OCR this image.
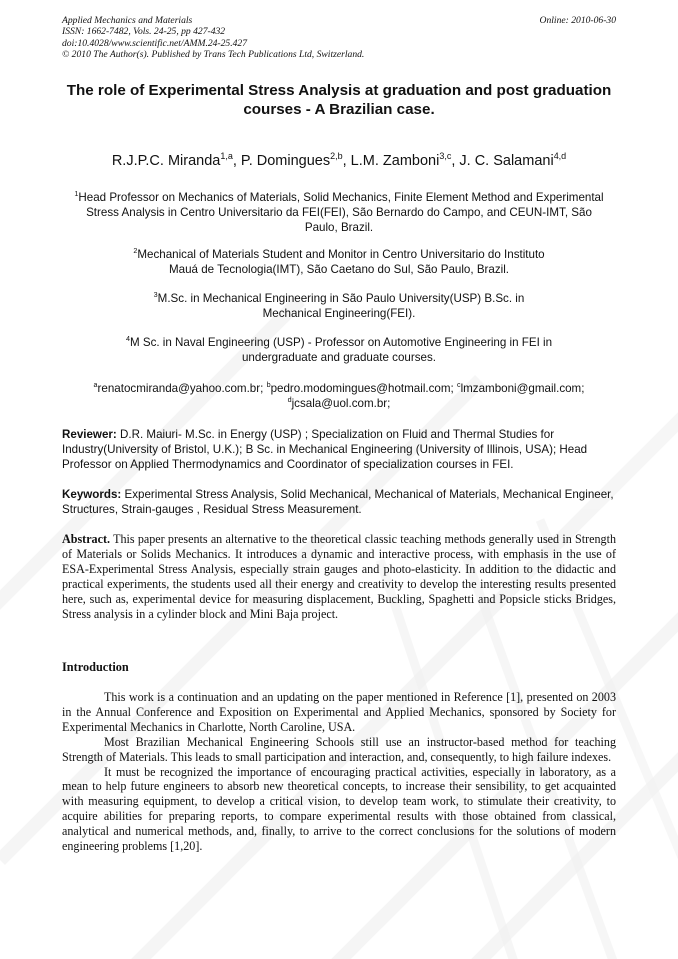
Applied Mechanics and Materials
ISSN: 1662-7482, Vols. 24-25, pp 427-432
doi:10.4028/www.scientific.net/AMM.24-25.427
© 2010 The Author(s). Published by Trans Tech Publications Ltd, Switzerland.
Online: 2010-06-30
The role of Experimental Stress Analysis at graduation and post graduation courses - A Brazilian case.
R.J.P.C. Miranda$^{1,a}$, P. Domingues$^{2,b}$, L.M. Zamboni$^{3,c}$, J. C. Salamani$^{4,d}$
$^1$Head Professor on Mechanics of Materials, Solid Mechanics, Finite Element Method and Experimental Stress Analysis in Centro Universitario da FEI(FEI), São Bernardo do Campo, and CEUN-IMT, São Paulo, Brazil.
$^2$Mechanical of Materials Student and Monitor in Centro Universitario do Instituto Mauá de Tecnologia(IMT), São Caetano do Sul, São Paulo, Brazil.
$^3$M.Sc. in Mechanical Engineering in São Paulo University(USP) B.Sc. in Mechanical Engineering(FEI).
$^4$M Sc. in Naval Engineering (USP) - Professor on Automotive Engineering in FEI in undergraduate and graduate courses.
$^a$renatocmiranda@yahoo.com.br; $^b$pedro.modomingues@hotmail.com; $^c$lmzamboni@gmail.com; $^d$jcsala@uol.com.br;
Reviewer: D.R. Maiuri- M.Sc. in Energy (USP) ; Specialization on Fluid and Thermal Studies for Industry(University of Bristol, U.K.); B Sc. in Mechanical Engineering (University of Illinois, USA); Head Professor on Applied Thermodynamics and Coordinator of specialization courses in FEI.
Keywords: Experimental Stress Analysis, Solid Mechanical, Mechanical of Materials, Mechanical Engineer, Structures, Strain-gauges , Residual Stress Measurement.
Abstract. This paper presents an alternative to the theoretical classic teaching methods generally used in Strength of Materials or Solids Mechanics. It introduces a dynamic and interactive process, with emphasis in the use of ESA-Experimental Stress Analysis, especially strain gauges and photo-elasticity. In addition to the didactic and practical experiments, the students used all their energy and creativity to develop the interesting results presented here, such as, experimental device for measuring displacement, Buckling, Spaghetti and Popsicle sticks Bridges, Stress analysis in a cylinder block and Mini Baja project.
Introduction

This work is a continuation and an updating on the paper mentioned in Reference [1], presented on 2003 in the Annual Conference and Exposition on Experimental and Applied Mechanics, sponsored by Society for Experimental Mechanics in Charlotte, North Caroline, USA.

Most Brazilian Mechanical Engineering Schools still use an instructor-based method for teaching Strength of Materials. This leads to small participation and interaction, and, consequently, to high failure indexes.

It must be recognized the importance of encouraging practical activities, especially in laboratory, as a mean to help future engineers to absorb new theoretical concepts, to increase their sensibility, to get acquainted with measuring equipment, to develop a critical vision, to develop team work, to stimulate their creativity, to acquire abilities for preparing reports, to compare experimental results with those obtained from classical, analytical and numerical methods, and, finally, to arrive to the correct conclusions for the solutions of modern engineering problems [1,20].
